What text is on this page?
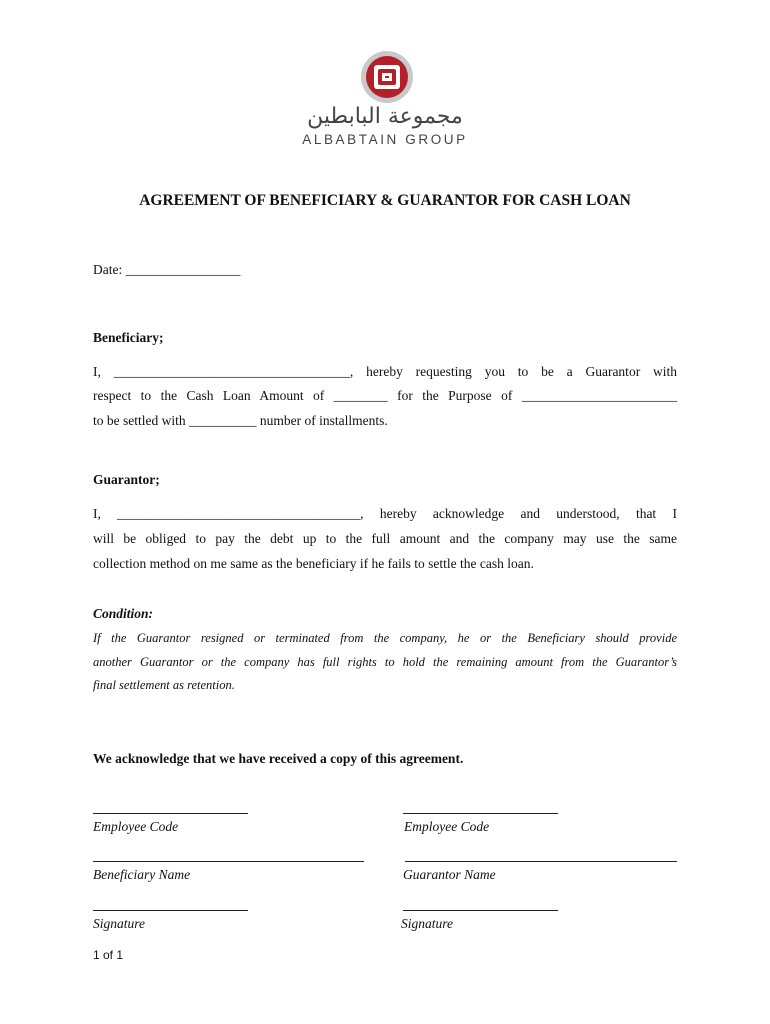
مجموعة البابطين
ALBABTAIN GROUP
AGREEMENT OF BENEFICIARY & GUARANTOR FOR CASH LOAN
Date: _________________
Beneficiary;
I, ___________________________________, hereby requesting you to be a Guarantor with
respect to the Cash Loan Amount of ________ for the Purpose of _______________________
to be settled with __________ number of installments.
Guarantor;
I, ____________________________________, hereby acknowledge and understood, that I
will be obliged to pay the debt up to the full amount and the company may use the same
collection method on me same as the beneficiary if he fails to settle the cash loan.
Condition:
If the Guarantor resigned or terminated from the company, he or the Beneficiary should provide
another Guarantor or the company has full rights to hold the remaining amount from the Guarantor’s
final settlement as retention.
We acknowledge that we have received a copy of this agreement.
Employee Code
Beneficiary Name
Signature
Employee Code
Guarantor Name
Signature
1 of 1
